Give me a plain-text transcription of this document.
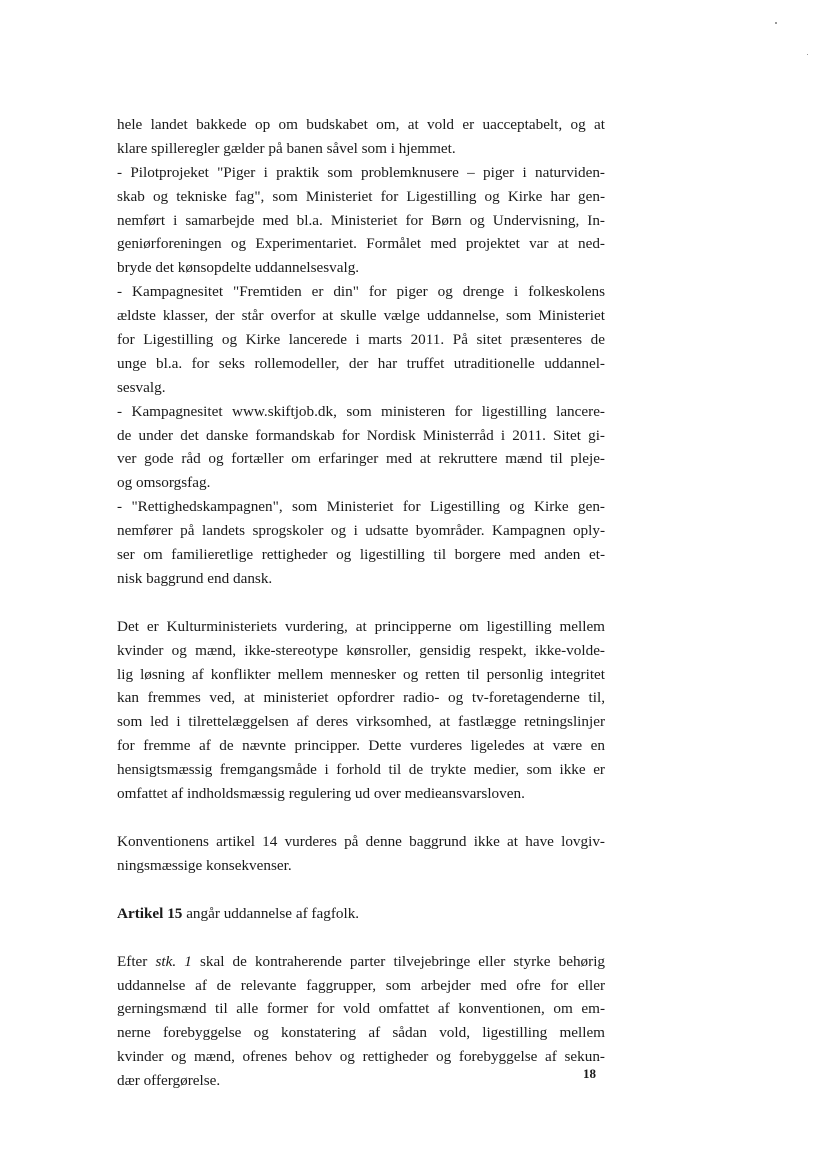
hele landet bakkede op om budskabet om, at vold er uacceptabelt, og at

klare spilleregler gælder på banen såvel som i hjemmet.

- Pilotprojeket "Piger i praktik som problemknusere – piger i naturviden-

skab og tekniske fag", som Ministeriet for Ligestilling og Kirke har gen-

nemført i samarbejde med bl.a. Ministeriet for Børn og Undervisning, In-

geniørforeningen og Experimentariet. Formålet med projektet var at ned-

bryde det kønsopdelte uddannelsesvalg.

- Kampagnesitet "Fremtiden er din" for piger og drenge i folkeskolens

ældste klasser, der står overfor at skulle vælge uddannelse, som Ministeriet

for Ligestilling og Kirke lancerede i marts 2011. På sitet præsenteres de

unge bl.a. for seks rollemodeller, der har truffet utraditionelle uddannel-

sesvalg.

- Kampagnesitet www.skiftjob.dk, som ministeren for ligestilling lancere-

de under det danske formandskab for Nordisk Ministerråd i 2011. Sitet gi-

ver gode råd og fortæller om erfaringer med at rekruttere mænd til pleje-

og omsorgsfag.

- "Rettighedskampagnen", som Ministeriet for Ligestilling og Kirke gen-

nemfører på landets sprogskoler og i udsatte byområder. Kampagnen oply-

ser om familieretlige rettigheder og ligestilling til borgere med anden et-

nisk baggrund end dansk.

Det er Kulturministeriets vurdering, at principperne om ligestilling mellem

kvinder og mænd, ikke-stereotype kønsroller, gensidig respekt, ikke-volde-

lig løsning af konflikter mellem mennesker og retten til personlig integritet

kan fremmes ved, at ministeriet opfordrer radio- og tv-foretagenderne til,

som led i tilrettelæggelsen af deres virksomhed, at fastlægge retningslinjer

for fremme af de nævnte principper. Dette vurderes ligeledes at være en

hensigtsmæssig fremgangsmåde i forhold til de trykte medier, som ikke er

omfattet af indholdsmæssig regulering ud over medieansvarsloven.

Konventionens artikel 14 vurderes på denne baggrund ikke at have lovgiv-

ningsmæssige konsekvenser.

Artikel 15 angår uddannelse af fagfolk.

Efter stk. 1 skal de kontraherende parter tilvejebringe eller styrke behørig

uddannelse af de relevante faggrupper, som arbejder med ofre for eller

gerningsmænd til alle former for vold omfattet af konventionen, om em-

nerne forebyggelse og konstatering af sådan vold, ligestilling mellem

kvinder og mænd, ofrenes behov og rettigheder og forebyggelse af sekun-

dær offergørelse.	18
